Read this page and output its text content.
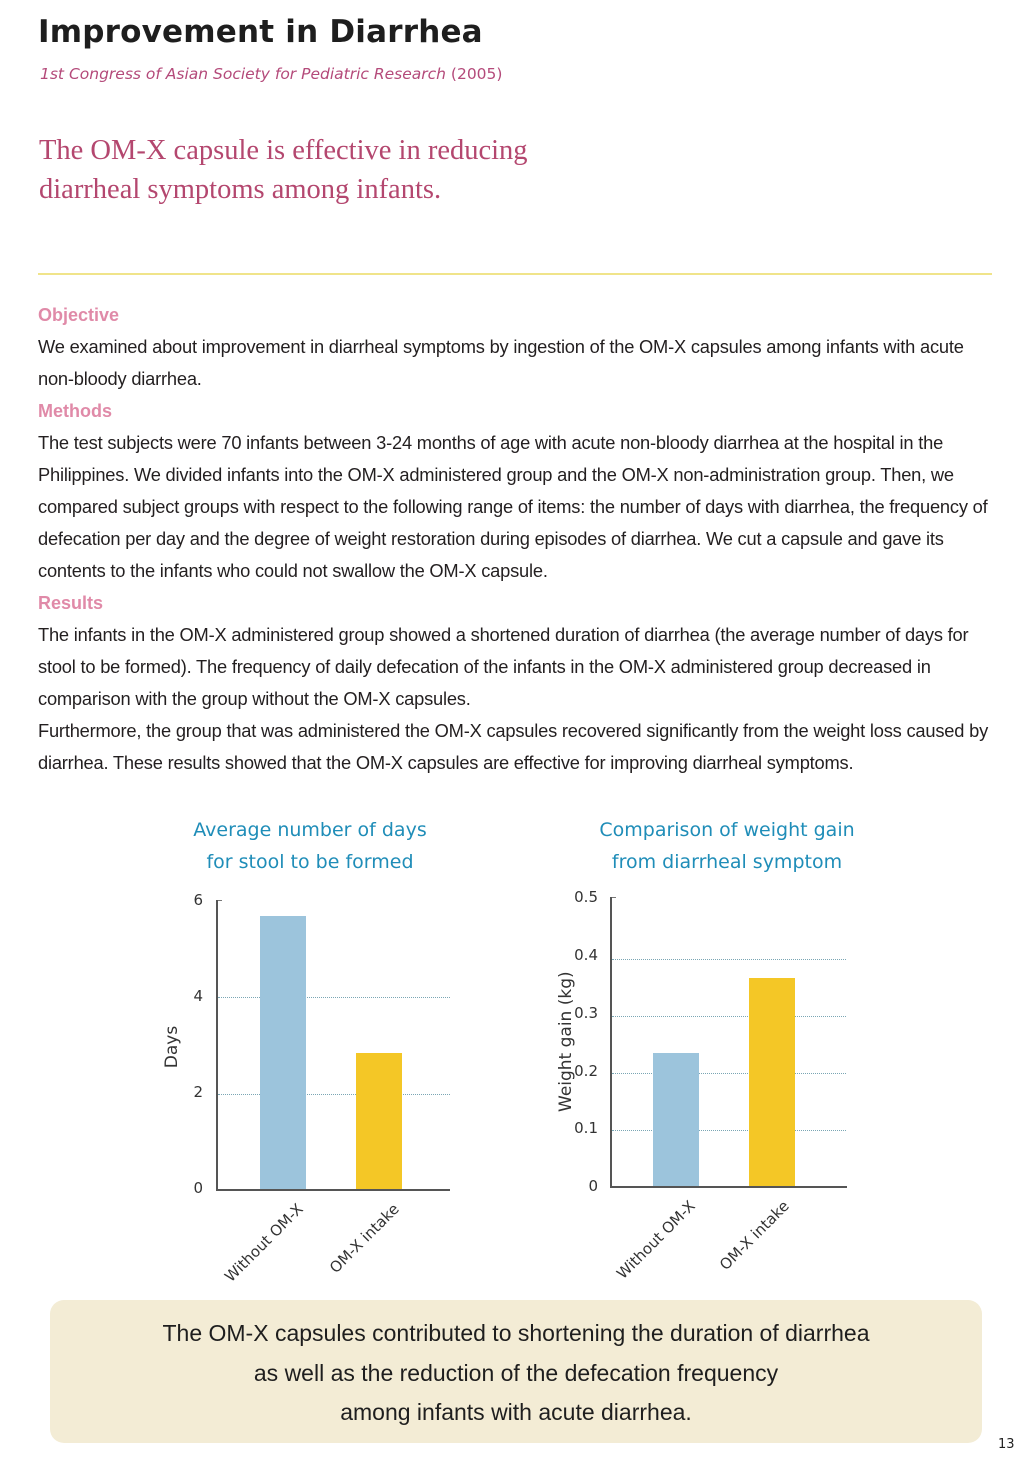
Improvement in Diarrhea
1st Congress of Asian Society for Pediatric Research (2005)
The OM-X capsule is effective in reducing
diarrheal symptoms among infants.
Objective
We examined about improvement in diarrheal symptoms by ingestion of the OM-X capsules among infants with acute non-bloody diarrhea.
Methods
The test subjects were 70 infants between 3-24 months of age with acute non-bloody diarrhea at the hospital in the Philippines. We divided infants into the OM-X administered group and the OM-X non-administration group. Then, we compared subject groups with respect to the following range of items: the number of days with diarrhea, the frequency of defecation per day and the degree of weight restoration during episodes of diarrhea. We cut a capsule and gave its contents to the infants who could not swallow the OM-X capsule.
Results
The infants in the OM-X administered group showed a shortened duration of diarrhea (the average number of days for stool to be formed). The frequency of daily defecation of the infants in the OM-X administered group decreased in comparison with the group without the OM-X capsules.
Furthermore, the group that was administered the OM-X capsules recovered significantly from the weight loss caused by diarrhea. These results showed that the OM-X capsules are effective for improving diarrheal symptoms.
Average number of days
for stool to be formed
Days
6
4
2
0
Without OM-X	OM-X intake
Comparison of weight gain
from diarrheal symptom
Weight gain (kg)
0.5
0.4
0.3
0.2
0.1
0
Without OM-X	OM-X intake

The OM-X capsules contributed to shortening the duration of diarrhea

as well as the reduction of the defecation frequency

among infants with acute diarrhea.

13
